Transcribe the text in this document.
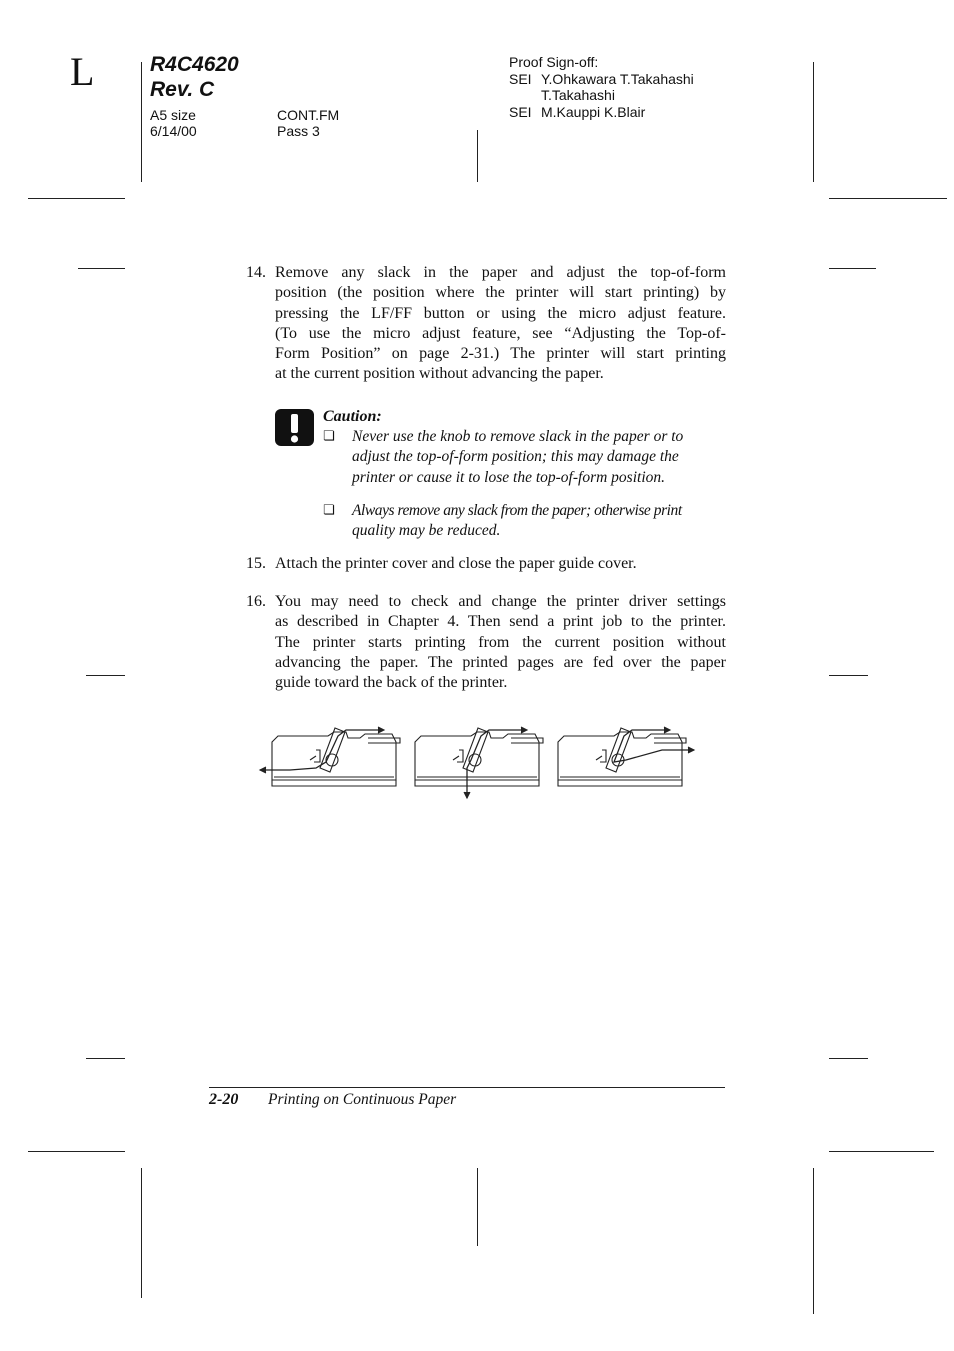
L	R4C4620
Rev. C
A5 size	CONT.FM
6/14/00	Pass 3
Proof Sign-off:
SEI Y.Ohkawara T.Takahashi
T.Takahashi
SEI M.Kauppi K.Blair
14. Remove any slack in the paper and adjust the top-of-form
position (the position where the printer will start printing) by
pressing the LF/FF button or using the micro adjust feature.
(To use the micro adjust feature, see “Adjusting the Top-of-
Form Position” on page 2-31.) The printer will start printing
at the current position without advancing the paper.
Caution:
❏ Never use the knob to remove slack in the paper or to
adjust the top-of-form position; this may damage the
printer or cause it to lose the top-of-form position.
❏ Always remove any slack from the paper; otherwise print
quality may be reduced.
15. Attach the printer cover and close the paper guide cover.
16. You may need to check and change the printer driver settings
as described in Chapter 4. Then send a print job to the printer.
The printer starts printing from the current position without
advancing the paper. The printed pages are fed over the paper
guide toward the back of the printer.
2-20 Printing on Continuous Paper
